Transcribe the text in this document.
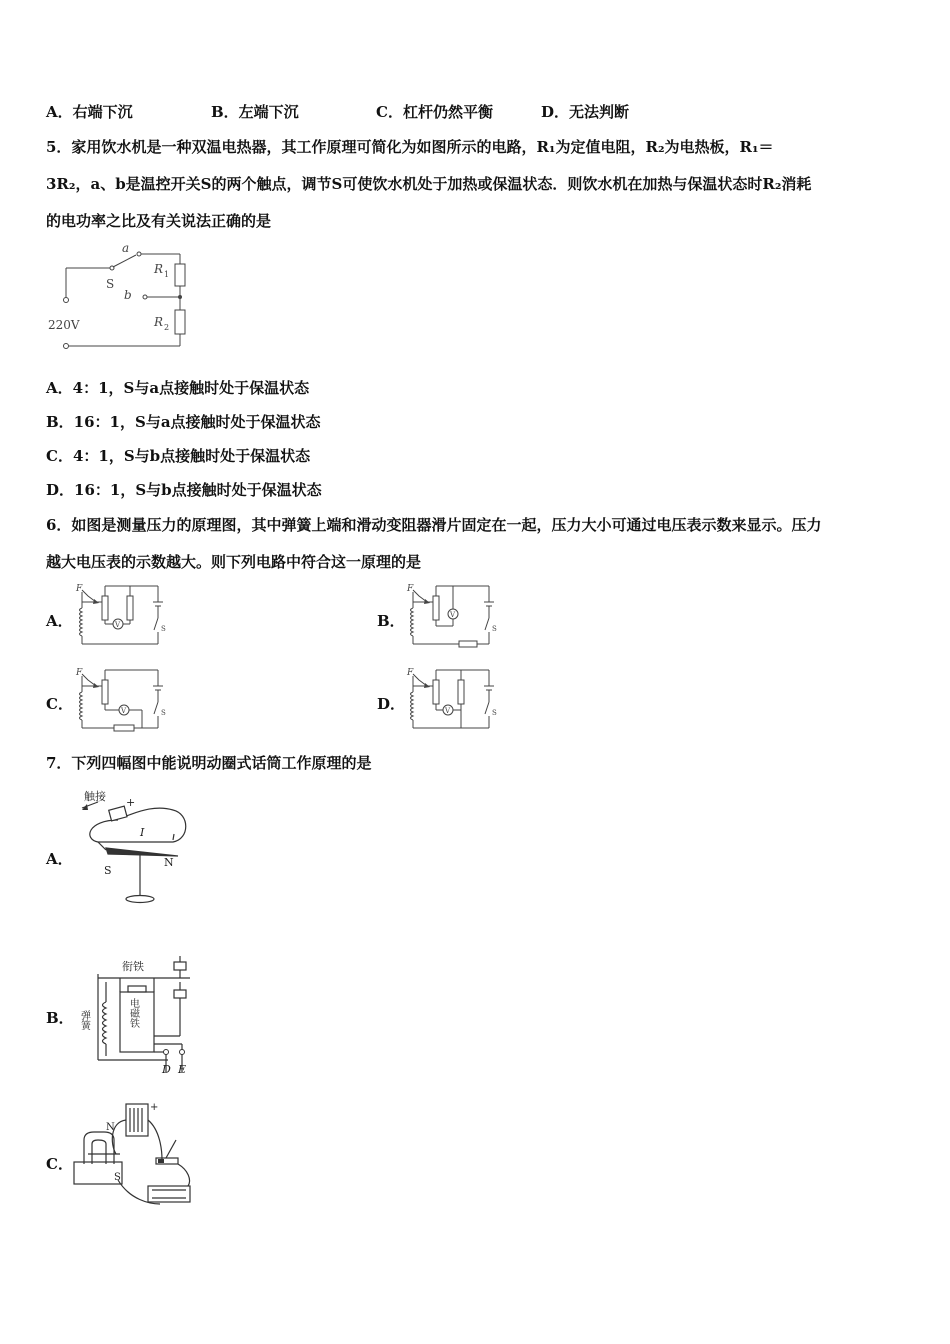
A．右端下沉	B．左端下沉	C．杠杆仍然平衡	D．无法判断
5．家用饮水机是一种双温电热器，其工作原理可简化为如图所示的电路，R₁为定值电阻，R₂为电热板，R₁＝
3R₂，a、b是温控开关S的两个触点，调节S可使饮水机处于加热或保温状态．则饮水机在加热与保温状态时R₂消耗
的电功率之比及有关说法正确的是
a
S
b
R 1
R 2
220V
A．4：1，S与a点接触时处于保温状态
B．16：1，S与a点接触时处于保温状态
C．4：1，S与b点接触时处于保温状态
D．16：1，S与b点接触时处于保温状态
6．如图是测量压力的原理图，其中弹簧上端和滑动变阻器滑片固定在一起，压力大小可通过电压表示数来显示。压力
越大电压表的示数越大。则下列电路中符合这一原理的是
A．	B．
C．	D．
F
V	S
F
V
S
F
V	S
F
V	S
7．下列四幅图中能说明动圈式话筒工作原理的是
A．
B．
C．
触接 +
I
S
N
衔铁
弹簧	电磁铁
D E
N
S
+
